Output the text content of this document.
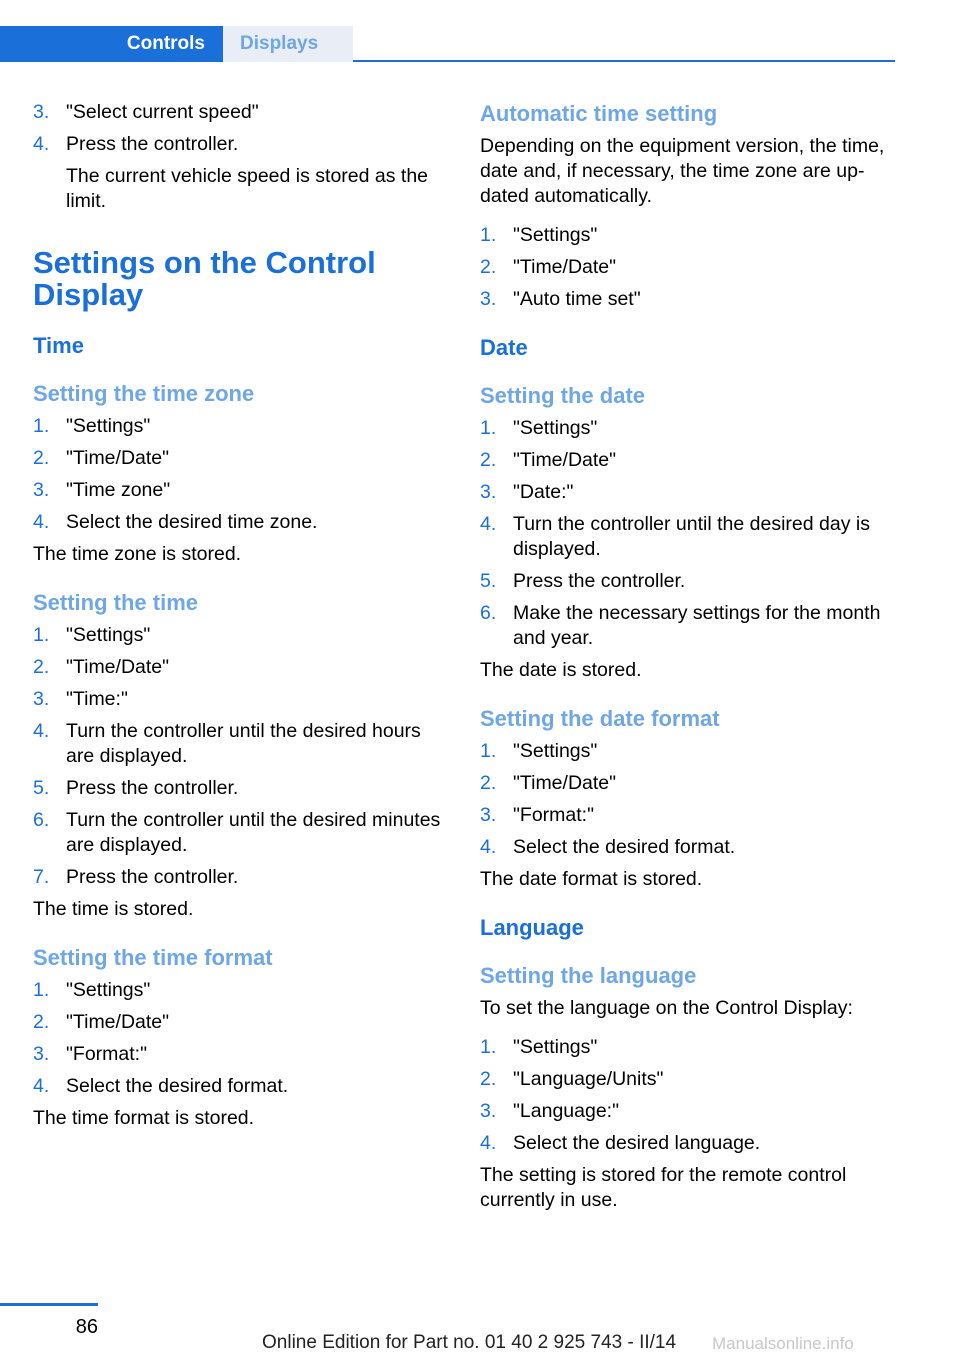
Controls	Displays
3. "Select current speed"
4. Press the controller.
The current vehicle speed is stored as the limit.
Settings on the Control Display
Time
Setting the time zone
1. "Settings"
2. "Time/Date"
3. "Time zone"
4. Select the desired time zone.

The time zone is stored.

Setting the time
1. "Settings"
2. "Time/Date"
3. "Time:"
4. Turn the controller until the desired hours are displayed.
5. Press the controller.
6. Turn the controller until the desired minutes are displayed.
7. Press the controller.

The time is stored.

Setting the time format
1. "Settings"
2. "Time/Date"
3. "Format:"
4. Select the desired format.

The time format is stored.

Automatic time setting

Depending on the equipment version, the time, date and, if necessary, the time zone are updated automatically.

1. "Settings"
2. "Time/Date"
3. "Auto time set"
Date
Setting the date
1. "Settings"
2. "Time/Date"
3. "Date:"
4. Turn the controller until the desired day is displayed.
5. Press the controller.
6. Make the necessary settings for the month and year.

The date is stored.

Setting the date format
1. "Settings"
2. "Time/Date"
3. "Format:"
4. Select the desired format.

The date format is stored.

Language
Setting the language

To set the language on the Control Display:

1. "Settings"
2. "Language/Units"
3. "Language:"
4. Select the desired language.

The setting is stored for the remote control currently in use.

86
Online Edition for Part no. 01 40 2 925 743 - II/14 Manualsonline.info
